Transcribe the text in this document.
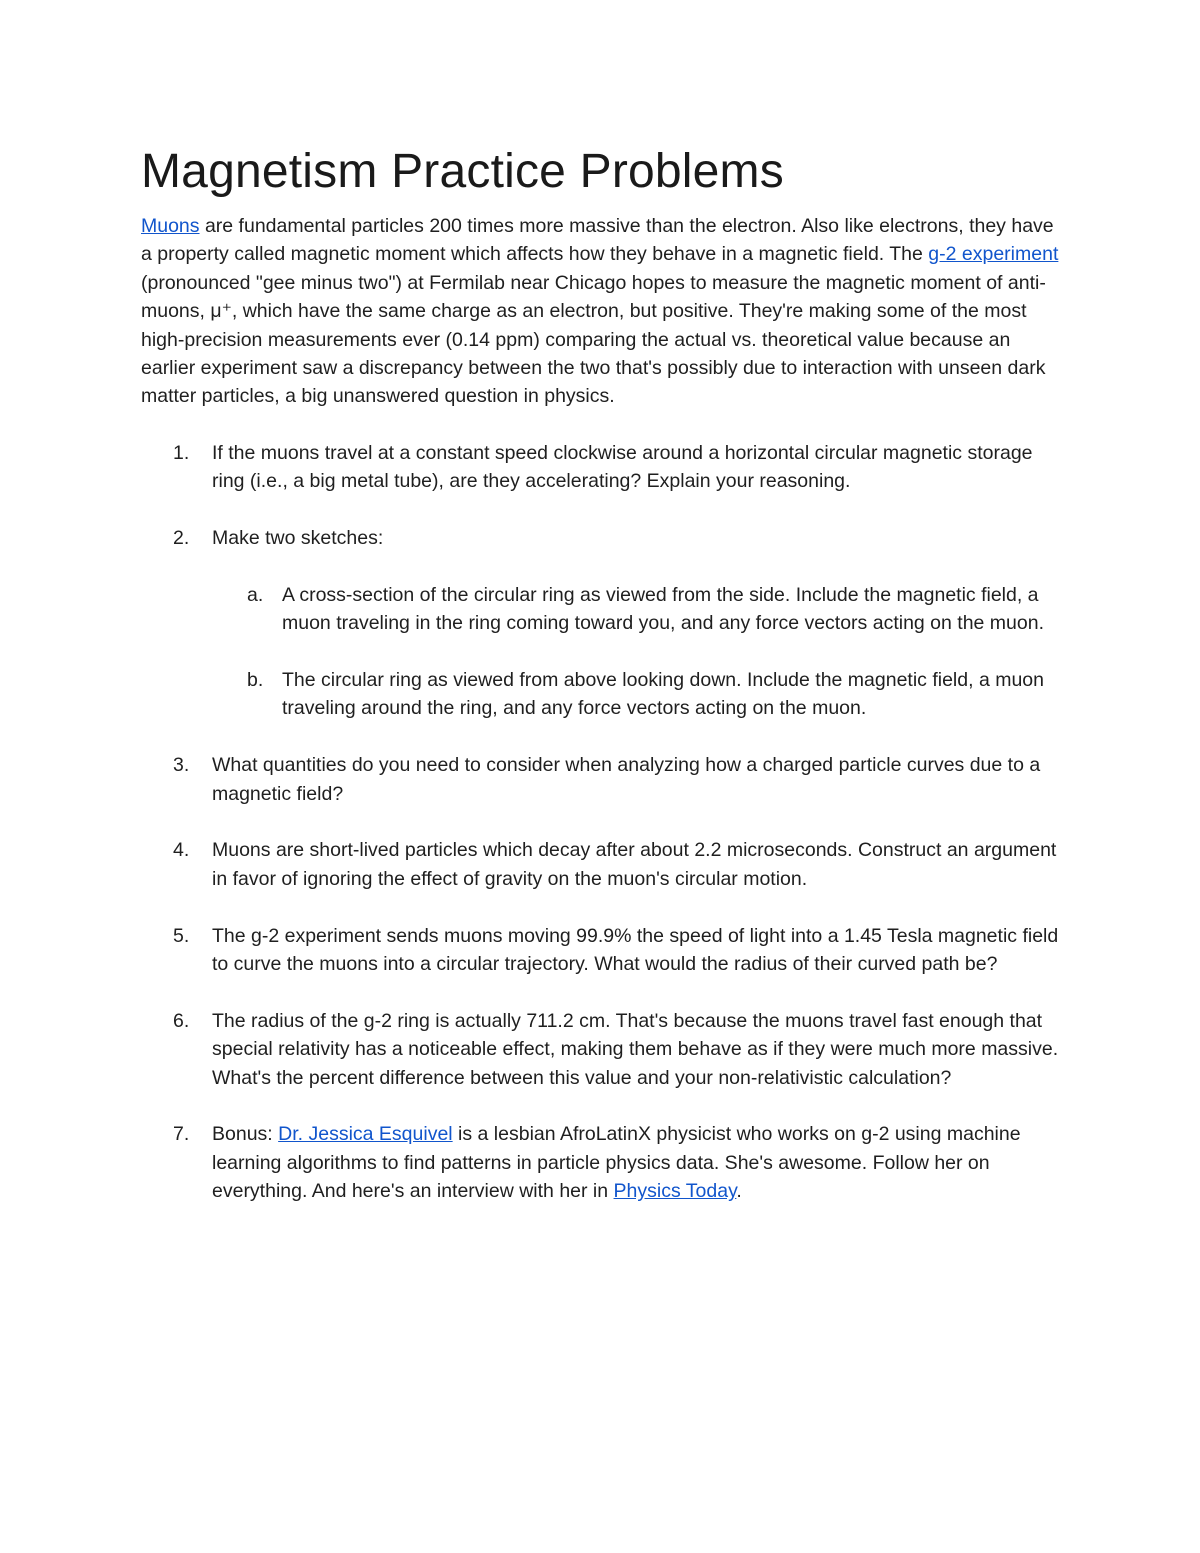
Magnetism Practice Problems

Muons are fundamental particles 200 times more massive than the electron. Also like electrons, they have a property called magnetic moment which affects how they behave in a magnetic field. The g-2 experiment (pronounced "gee minus two") at Fermilab near Chicago hopes to measure the magnetic moment of anti-muons, μ⁺, which have the same charge as an electron, but positive. They're making some of the most high-precision measurements ever (0.14 ppm) comparing the actual vs. theoretical value because an earlier experiment saw a discrepancy between the two that's possibly due to interaction with unseen dark matter particles, a big unanswered question in physics.

1. If the muons travel at a constant speed clockwise around a horizontal circular magnetic storage ring (i.e., a big metal tube), are they accelerating? Explain your reasoning.
2. Make two sketches:
a. A cross-section of the circular ring as viewed from the side. Include the magnetic field, a muon traveling in the ring coming toward you, and any force vectors acting on the muon.
b. The circular ring as viewed from above looking down. Include the magnetic field, a muon traveling around the ring, and any force vectors acting on the muon.
3. What quantities do you need to consider when analyzing how a charged particle curves due to a magnetic field?
4. Muons are short-lived particles which decay after about 2.2 microseconds. Construct an argument in favor of ignoring the effect of gravity on the muon's circular motion.
5. The g-2 experiment sends muons moving 99.9% the speed of light into a 1.45 Tesla magnetic field to curve the muons into a circular trajectory. What would the radius of their curved path be?
6. The radius of the g-2 ring is actually 711.2 cm. That's because the muons travel fast enough that special relativity has a noticeable effect, making them behave as if they were much more massive. What's the percent difference between this value and your non-relativistic calculation?
7. Bonus: Dr. Jessica Esquivel is a lesbian AfroLatinX physicist who works on g-2 using machine learning algorithms to find patterns in particle physics data. She's awesome. Follow her on everything. And here's an interview with her in Physics Today.
